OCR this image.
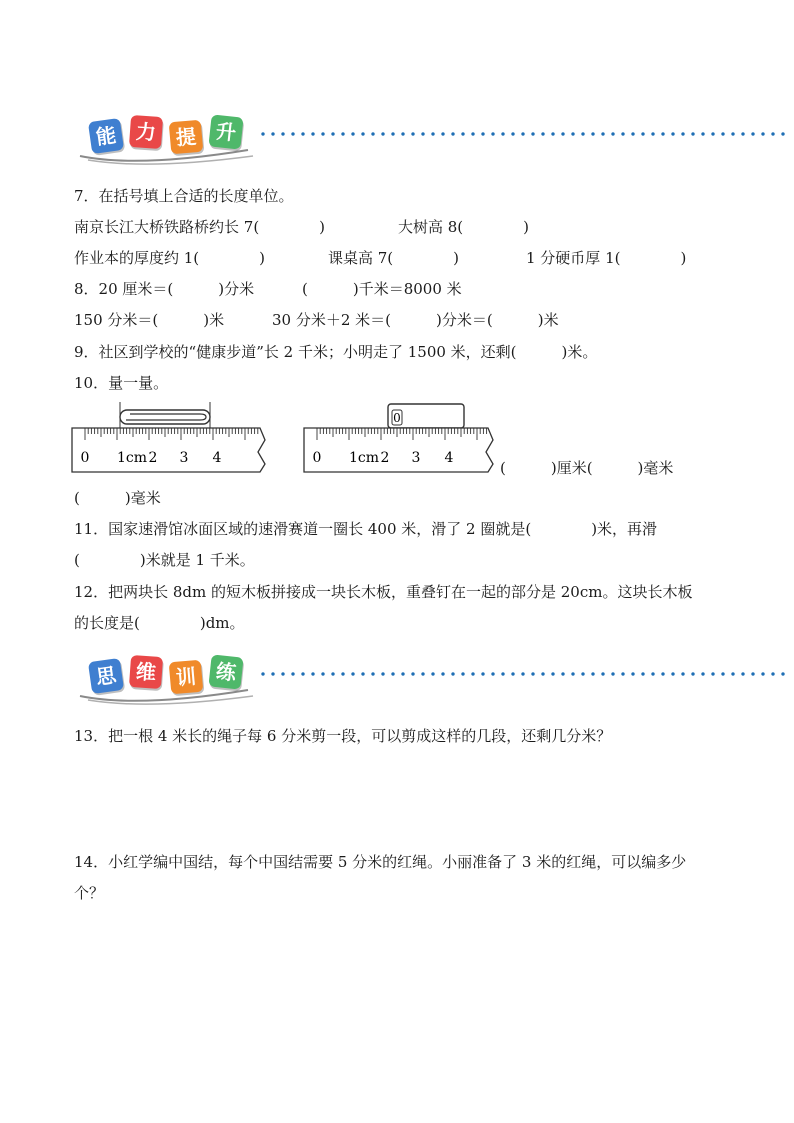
能 力 提 升
7．在括号填上合适的长度单位。
南京长江大桥铁路桥约长 7(　　　　)	大树高 8(　　　　)
作业本的厚度约 1(　　　　)	课桌高 7(　　　　)	1 分硬币厚 1(　　　　)
8．20 厘米＝(　　　)分米	(　　　)千米＝8000 米
150 分米＝(　　　)米	30 分米＋2 米＝(　　　)分米＝(　　　)米
9．社区到学校的“健康步道”长 2 千米；小明走了 1500 米，还剩(　　　)米。
10．量一量。
0 1cm 2 3 4
0
0 1cm 2 3 4
(　　　)厘米(　　　)毫米
(　　　)毫米
11．国家速滑馆冰面区域的速滑赛道一圈长 400 米，滑了 2 圈就是(　　　　)米，再滑
(　　　　)米就是 1 千米。
12．把两块长 8dm 的短木板拼接成一块长木板，重叠钉在一起的部分是 20cm。这块长木板
的长度是(　　　　)dm。
思 维 训 练
13．把一根 4 米长的绳子每 6 分米剪一段，可以剪成这样的几段，还剩几分米？
14．小红学编中国结，每个中国结需要 5 分米的红绳。小丽准备了 3 米的红绳，可以编多少
个？
